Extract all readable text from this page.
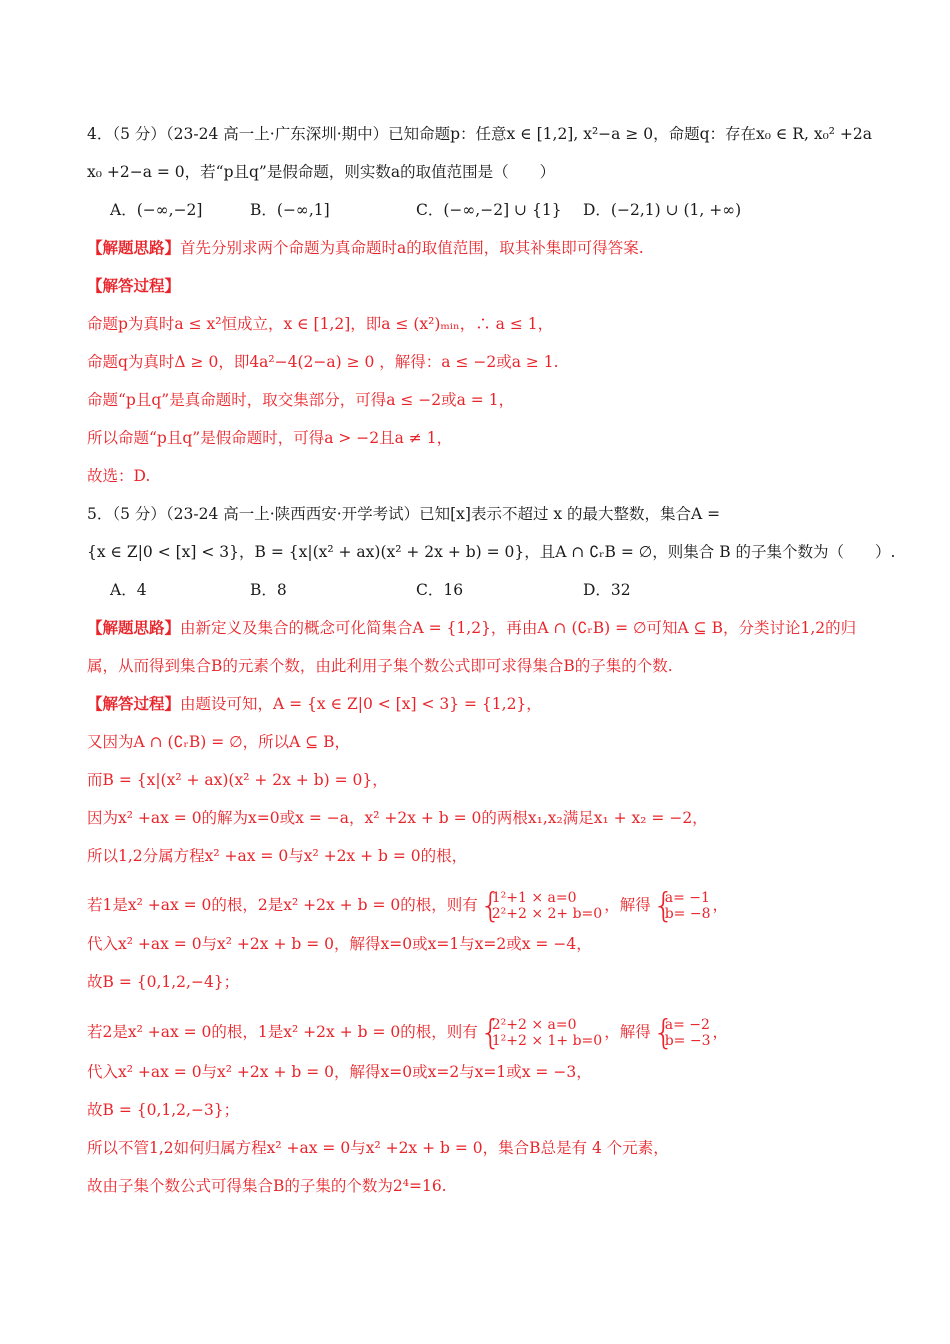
4．（5 分）（23-24 高一上·广东深圳·期中）已知命题p：任意x ∈ [1,2], x²−a ≥ 0，命题q：存在x₀ ∈ R, x₀² +2a
x₀ +2−a = 0，若“p且q”是假命题，则实数a的取值范围是（　　）
A．(−∞,−2]	B．(−∞,1]	C．(−∞,−2] ∪ {1} D．(−2,1) ∪ (1, +∞)
【解题思路】首先分别求两个命题为真命题时a的取值范围，取其补集即可得答案.
【解答过程】
命题p为真时a ≤ x²恒成立，x ∈ [1,2]，即a ≤ (x²)ₘᵢₙ，∴ a ≤ 1，
命题q为真时Δ ≥ 0，即4a²−4(2−a) ≥ 0 ，解得：a ≤ −2或a ≥ 1.
命题“p且q”是真命题时，取交集部分，可得a ≤ −2或a = 1，
所以命题“p且q”是假命题时，可得a > −2且a ≠ 1，
故选：D.
5．（5 分）（23-24 高一上·陕西西安·开学考试）已知[x]表示不超过 x 的最大整数，集合A =
{x ∈ Z|0 < [x] < 3}，B = {x|(x² + ax)(x² + 2x + b) = 0}，且A ∩ ∁ᵣB = ∅，则集合 B 的子集个数为（　　）.
A．4	B．8	C．16	D．32
【解题思路】由新定义及集合的概念可化简集合A = {1,2}，再由A ∩ (∁ᵣB) = ∅可知A ⊆ B，分类讨论1,2的归
属，从而得到集合B的元素个数，由此利用子集个数公式即可求得集合B的子集的个数.
【解答过程】由题设可知，A = {x ∈ Z|0 < [x] < 3} = {1,2}，
又因为A ∩ (∁ᵣB) = ∅，所以A ⊆ B，
而B = {x|(x² + ax)(x² + 2x + b) = 0}，
因为x² +ax = 0的解为x=0或x = −a，x² +2x + b = 0的两根x₁,x₂满足x₁ + x₂ = −2，
所以1,2分属方程x² +ax = 0与x² +2x + b = 0的根，
若1是x² +ax = 0的根，2是x² +2x + b = 0的根，则有 {
1²+1 × a=0
2²+2 × 2+ b=0 ，解得 {
a= −1
b= −8 ，
代入x² +ax = 0与x² +2x + b = 0，解得x=0或x=1与x=2或x = −4，
故B = {0,1,2,−4}；
若2是x² +ax = 0的根，1是x² +2x + b = 0的根，则有 {
2²+2 × a=0
1²+2 × 1+ b=0 ，解得 {
a= −2
b= −3 ，
代入x² +ax = 0与x² +2x + b = 0，解得x=0或x=2与x=1或x = −3，
故B = {0,1,2,−3}；
所以不管1,2如何归属方程x² +ax = 0与x² +2x + b = 0，集合B总是有 4 个元素，
故由子集个数公式可得集合B的子集的个数为2⁴=16.
